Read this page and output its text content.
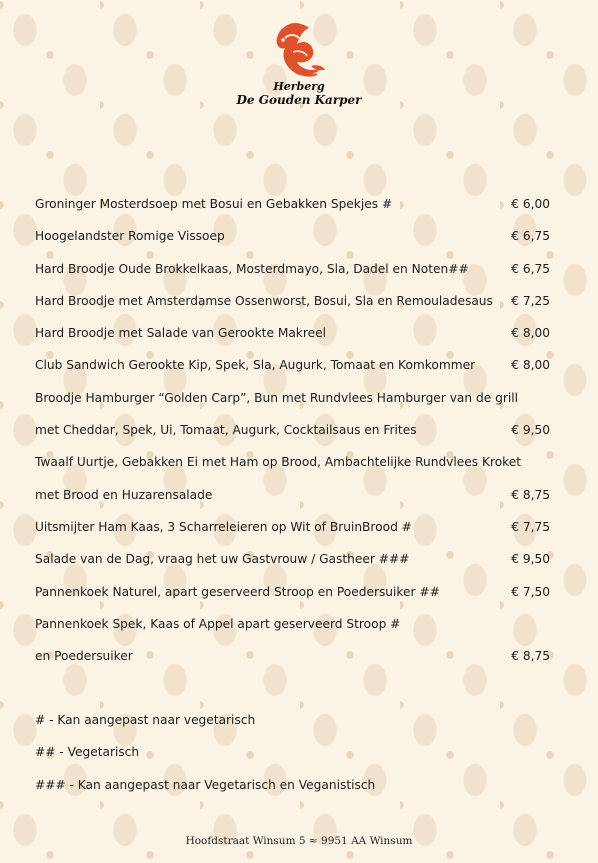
Herberg
De Gouden Karper
Groninger Mosterdsoep met Bosui en Gebakken Spekjes #	€ 6,00
Hoogelandster Romige Vissoep	€ 6,75
Hard Broodje Oude Brokkelkaas, Mosterdmayo, Sla, Dadel en Noten##	€ 6,75
Hard Broodje met Amsterdamse Ossenworst, Bosui, Sla en Remouladesaus € 7,25
Hard Broodje met Salade van Gerookte Makreel	€ 8,00
Club Sandwich Gerookte Kip, Spek, Sla, Augurk, Tomaat en Komkommer	€ 8,00
Broodje Hamburger “Golden Carp”, Bun met Rundvlees Hamburger van de grill
met Cheddar, Spek, Ui, Tomaat, Augurk, Cocktailsaus en Frites	€ 9,50
Twaalf Uurtje, Gebakken Ei met Ham op Brood, Ambachtelijke Rundvlees Kroket
met Brood en Huzarensalade	€ 8,75
Uitsmijter Ham Kaas, 3 Scharreleieren op Wit of BruinBrood #	€ 7,75
Salade van de Dag, vraag het uw Gastvrouw / Gastheer ###	€ 9,50
Pannenkoek Naturel, apart geserveerd Stroop en Poedersuiker ##	€ 7,50
Pannenkoek Spek, Kaas of Appel apart geserveerd Stroop #
en Poedersuiker	€ 8,75
# - Kan aangepast naar vegetarisch
## - Vegetarisch
### - Kan aangepast naar Vegetarisch en Veganistisch
Hoofdstraat Winsum 5 ≈ 9951 AA Winsum
